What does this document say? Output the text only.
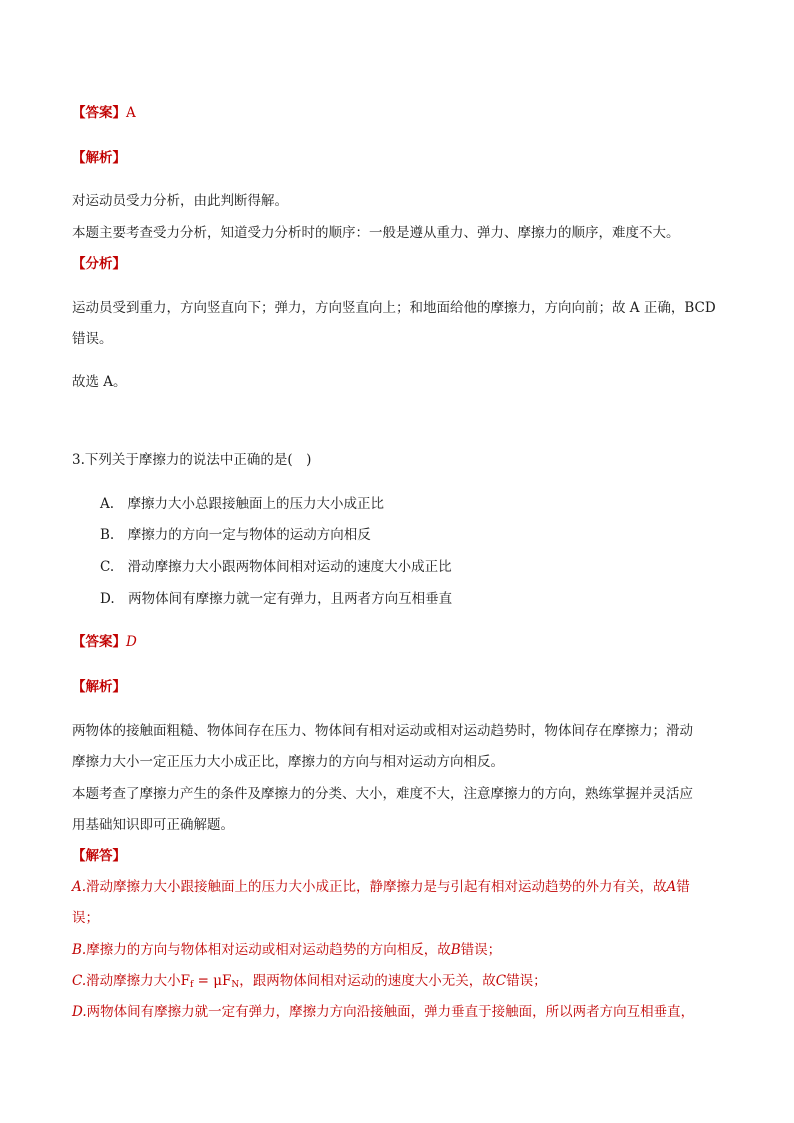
【答案】A
【解析】
对运动员受力分析，由此判断得解。
本题主要考查受力分析，知道受力分析时的顺序：一般是遵从重力、弹力、摩擦力的顺序，难度不大。
【分析】
运动员受到重力，方向竖直向下；弹力，方向竖直向上；和地面给他的摩擦力，方向向前；故 A 正确，BCD
错误。
故选 A。
3.下列关于摩擦力的说法中正确的是(　)
A.　摩擦力大小总跟接触面上的压力大小成正比
B.　摩擦力的方向一定与物体的运动方向相反
C.　滑动摩擦力大小跟两物体间相对运动的速度大小成正比
D.　两物体间有摩擦力就一定有弹力，且两者方向互相垂直
【答案】D
【解析】
两物体的接触面粗糙、物体间存在压力、物体间有相对运动或相对运动趋势时，物体间存在摩擦力；滑动
摩擦力大小一定正压力大小成正比，摩擦力的方向与相对运动方向相反。
本题考查了摩擦力产生的条件及摩擦力的分类、大小，难度不大，注意摩擦力的方向，熟练掌握并灵活应
用基础知识即可正确解题。
【解答】
A.滑动摩擦力大小跟接触面上的压力大小成正比，静摩擦力是与引起有相对运动趋势的外力有关，故A错
误；
B.摩擦力的方向与物体相对运动或相对运动趋势的方向相反，故B错误；
C.滑动摩擦力大小$F_f = \mu F_N$，跟两物体间相对运动的速度大小无关，故C错误；
D.两物体间有摩擦力就一定有弹力，摩擦力方向沿接触面，弹力垂直于接触面，所以两者方向互相垂直，
